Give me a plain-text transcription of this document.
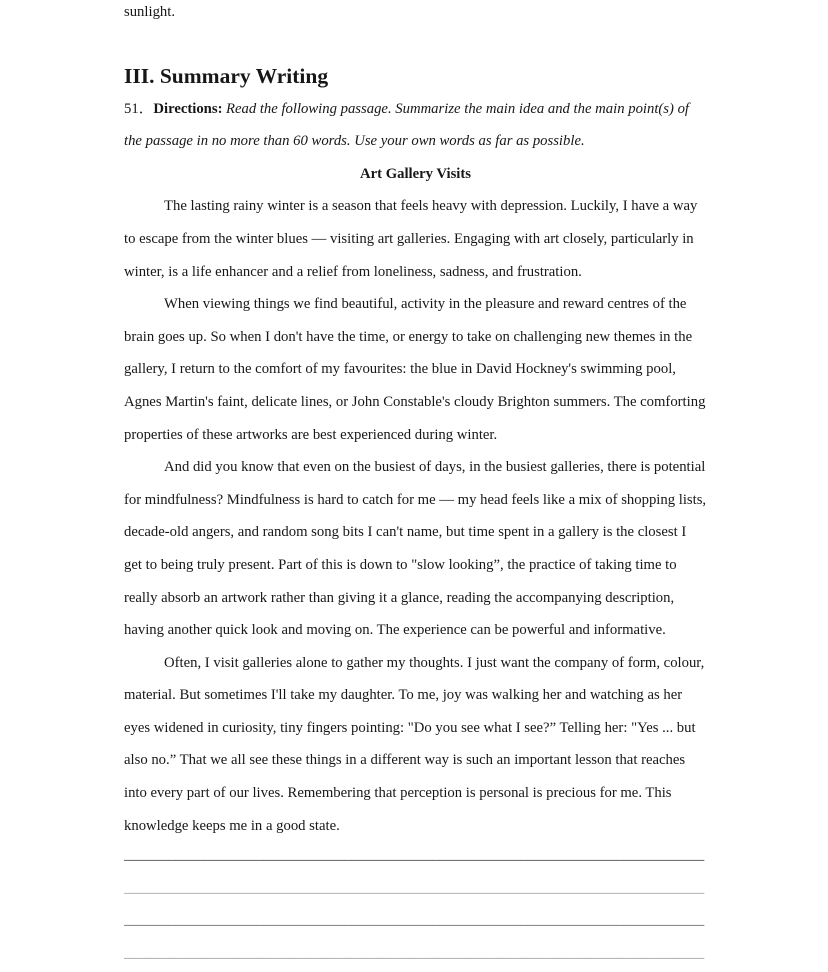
sunlight.

III. Summary Writing

51．Directions: Read the following passage. Summarize the main idea and the main point(s) of the passage in no more than 60 words. Use your own words as far as possible.

Art Gallery Visits

The lasting rainy winter is a season that feels heavy with depression. Luckily, I have a way to escape from the winter blues — visiting art galleries. Engaging with art closely, particularly in winter, is a life enhancer and a relief from loneliness, sadness, and frustration.

When viewing things we find beautiful, activity in the pleasure and reward centres of the brain goes up. So when I don't have the time, or energy to take on challenging new themes in the gallery, I return to the comfort of my favourites: the blue in David Hockney's swimming pool, Agnes Martin's faint, delicate lines, or John Constable's cloudy Brighton summers. The comforting properties of these artworks are best experienced during winter.

And did you know that even on the busiest of days, in the busiest galleries, there is potential for mindfulness? Mindfulness is hard to catch for me — my head feels like a mix of shopping lists, decade-old angers, and random song bits I can't name, but time spent in a gallery is the closest I get to being truly present. Part of this is down to "slow looking”, the practice of taking time to really absorb an artwork rather than giving it a glance, reading the accompanying description, having another quick look and moving on. The experience can be powerful and informative.

Often, I visit galleries alone to gather my thoughts. I just want the company of form, colour, material. But sometimes I'll take my daughter. To me, joy was walking her and watching as her eyes widened in curiosity, tiny fingers pointing: "Do you see what I see?” Telling her: "Yes ... but also no.” That we all see these things in a different way is such an important lesson that reaches into every part of our lives. Remembering that perception is personal is precious for me. This knowledge keeps me in a good state.

_______________________________________________________________________________
_______________________________________________________________________________
_______________________________________________________________________________
_______________________________________________________________________________
